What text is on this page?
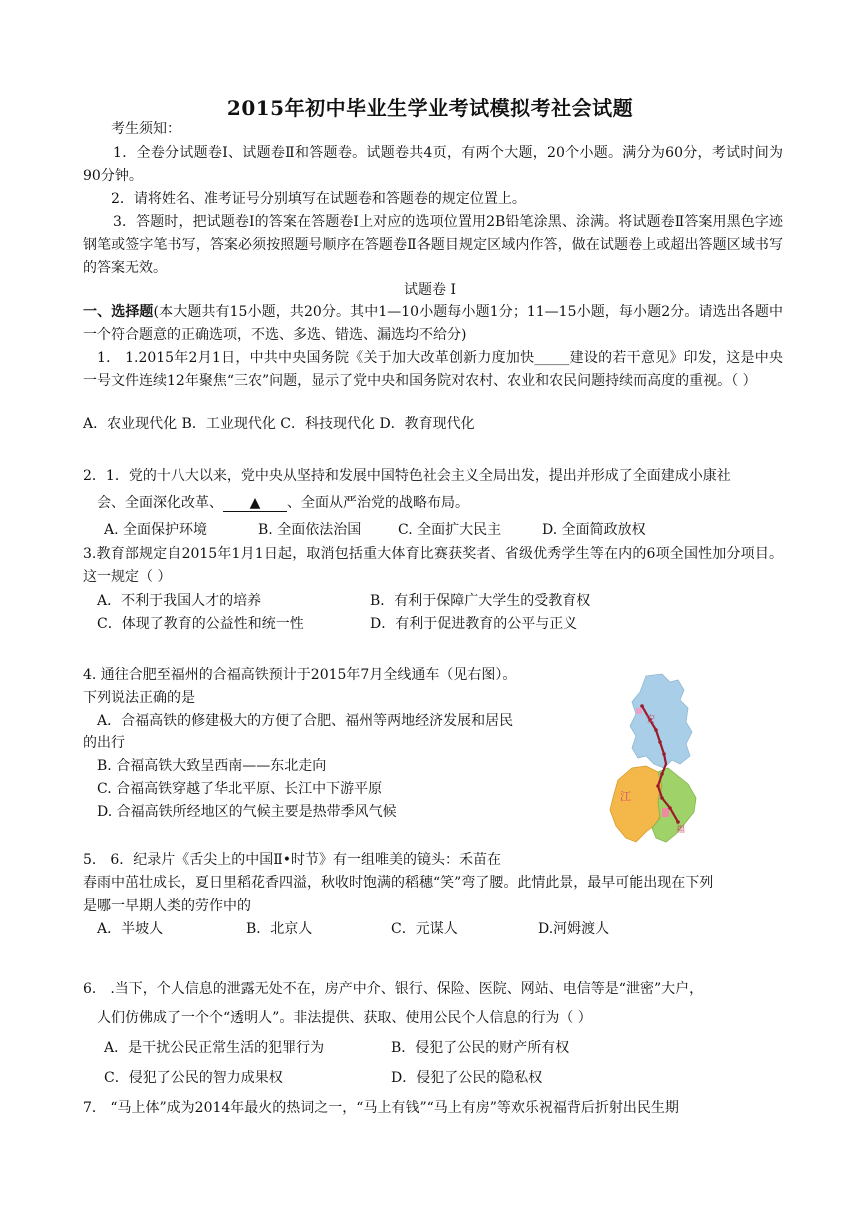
2015年初中毕业生学业考试模拟考社会试题
考生须知：
1．全卷分试题卷Ⅰ、试题卷Ⅱ和答题卷。试题卷共4页，有两个大题，20个小题。满分为60分，考试时间为90分钟。
2．请将姓名、准考证号分别填写在试题卷和答题卷的规定位置上。
3．答题时，把试题卷Ⅰ的答案在答题卷Ⅰ上对应的选项位置用2B铅笔涂黑、涂满。将试题卷Ⅱ答案用黑色字迹钢笔或签字笔书写，答案必须按照题号顺序在答题卷Ⅱ各题目规定区域内作答，做在试题卷上或超出答题区域书写的答案无效。
试题卷 Ⅰ
一、选择题(本大题共有15小题，共20分。其中1—10小题每小题1分；11—15小题，每小题2分。请选出各题中一个符合题意的正确选项，不选、多选、错选、漏选均不给分)
1． 1.2015年2月1日，中共中央国务院《关于加大改革创新力度加快_____建设的若干意见》印发，这是中央一号文件连续12年聚焦“三农”问题，显示了党中央和国务院对农村、农业和农民问题持续而高度的重视。（ ）
A．农业现代化 B．工业现代化 C．科技现代化 D．教育现代化
2．1．党的十八大以来，党中央从坚持和发展中国特色社会主义全局出发，提出并形成了全面建成小康社
会、全面深化改革、 ▲ 、全面从严治党的战略布局。
A. 全面保护环境	B. 全面依法治国	C. 全面扩大民主	D. 全面简政放权
3.教育部规定自2015年1月1日起，取消包括重大体育比赛获奖者、省级优秀学生等在内的6项全国性加分项目。这一规定（ ）
A．不利于我国人才的培养	B．有利于保障广大学生的受教育权
C．体现了教育的公益性和统一性	D．有利于促进教育的公平与正义
4. 通往合肥至福州的合福高铁预计于2015年7月全线通车（见右图）。
下列说法正确的是
A．合福高铁的修建极大的方便了合肥、福州等两地经济发展和居民
的出行
B. 合福高铁大致呈西南——东北走向
C. 合福高铁穿越了华北平原、长江中下游平原
D. 合福高铁所经地区的气候主要是热带季风气候
安
江
福
5． 6．纪录片《舌尖上的中国Ⅱ•时节》有一组唯美的镜头：禾苗在
春雨中茁壮成长，夏日里稻花香四溢，秋收时饱满的稻穗“笑”弯了腰。此情此景，最早可能出现在下列
是哪一早期人类的劳作中的
A．半坡人	B．北京人	C．元谋人	D.河姆渡人
6． .当下，个人信息的泄露无处不在，房产中介、银行、保险、医院、网站、电信等是“泄密”大户，
人们仿佛成了一个个“透明人”。非法提供、获取、使用公民个人信息的行为（ ）
A．是干扰公民正常生活的犯罪行为	B．侵犯了公民的财产所有权
C．侵犯了公民的智力成果权	D．侵犯了公民的隐私权
7． “马上体”成为2014年最火的热词之一，“马上有钱”“马上有房”等欢乐祝福背后折射出民生期
